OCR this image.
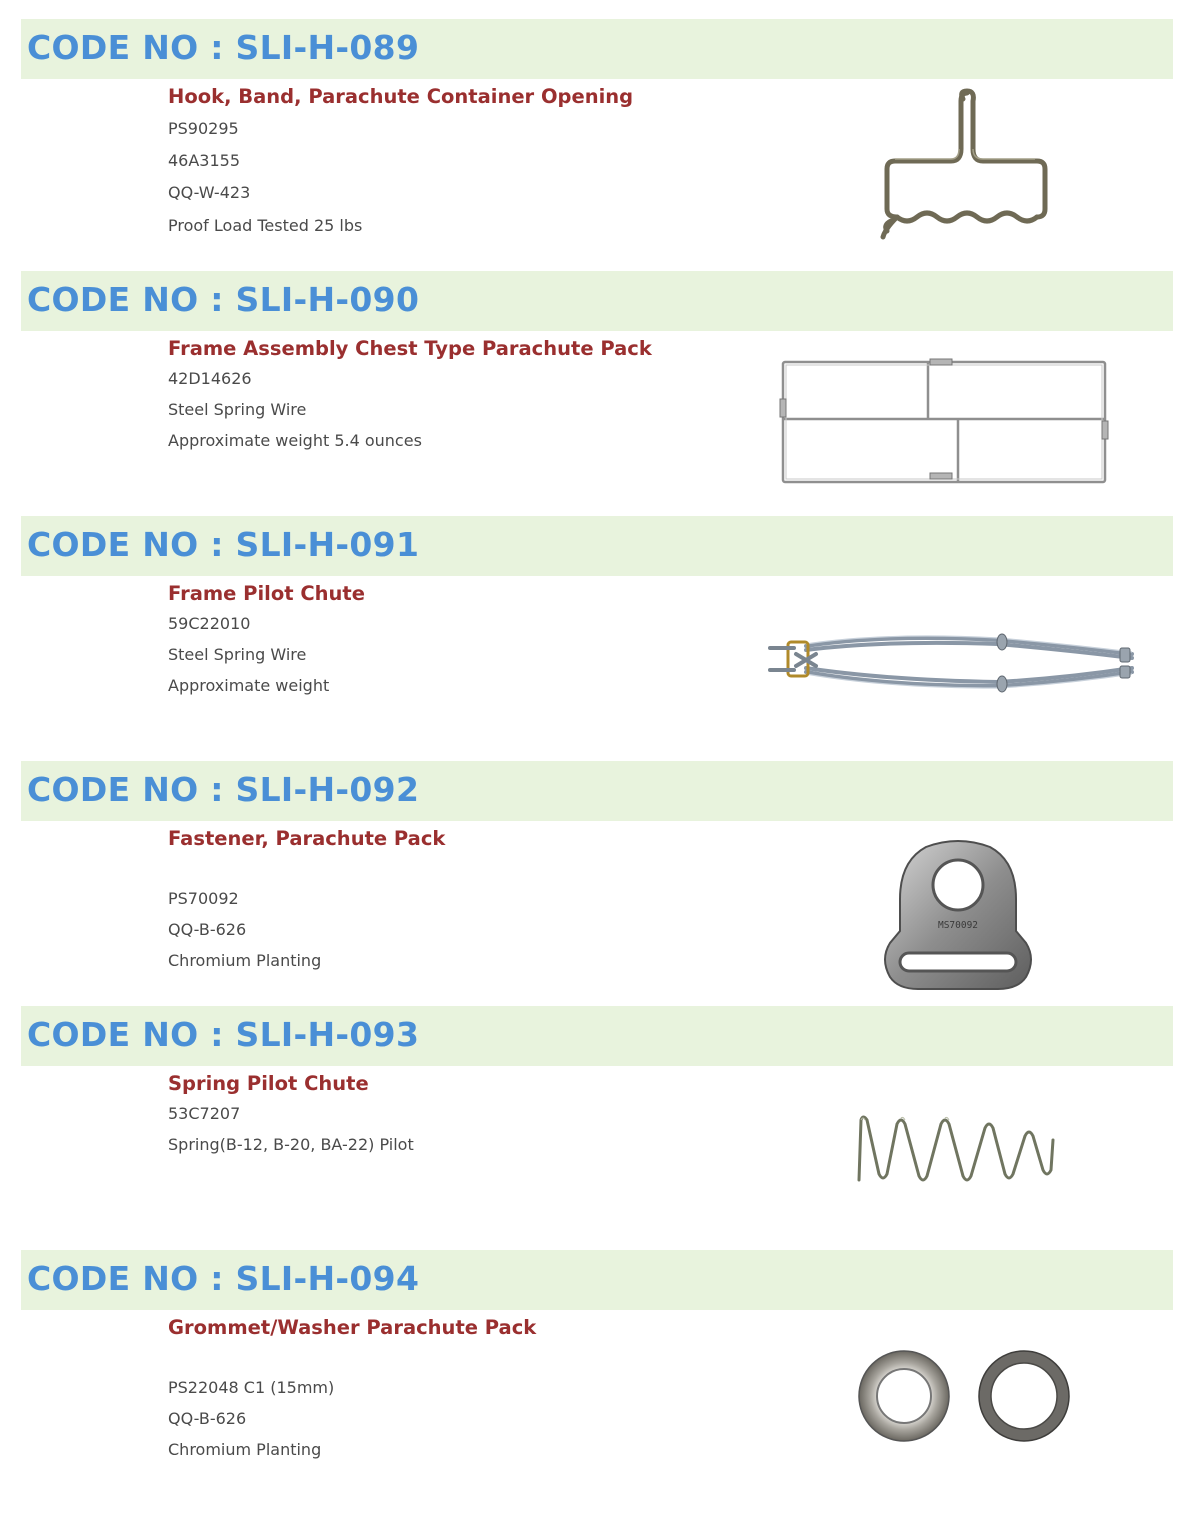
CODE NO : SLI-H-089
Hook, Band, Parachute Container Opening
PS90295
46A3155
QQ-W-423
Proof Load Tested 25 lbs
CODE NO : SLI-H-090
Frame Assembly Chest Type Parachute Pack
42D14626
Steel Spring Wire
Approximate weight 5.4 ounces
CODE NO : SLI-H-091
Frame Pilot Chute
59C22010
Steel Spring Wire
Approximate weight
CODE NO : SLI-H-092
Fastener, Parachute Pack
PS70092
QQ-B-626
Chromium Planting
MS70092
CODE NO : SLI-H-093
Spring Pilot Chute
53C7207
Spring(B-12, B-20, BA-22) Pilot
CODE NO : SLI-H-094
Grommet/Washer Parachute Pack
PS22048 C1 (15mm)
QQ-B-626
Chromium Planting
